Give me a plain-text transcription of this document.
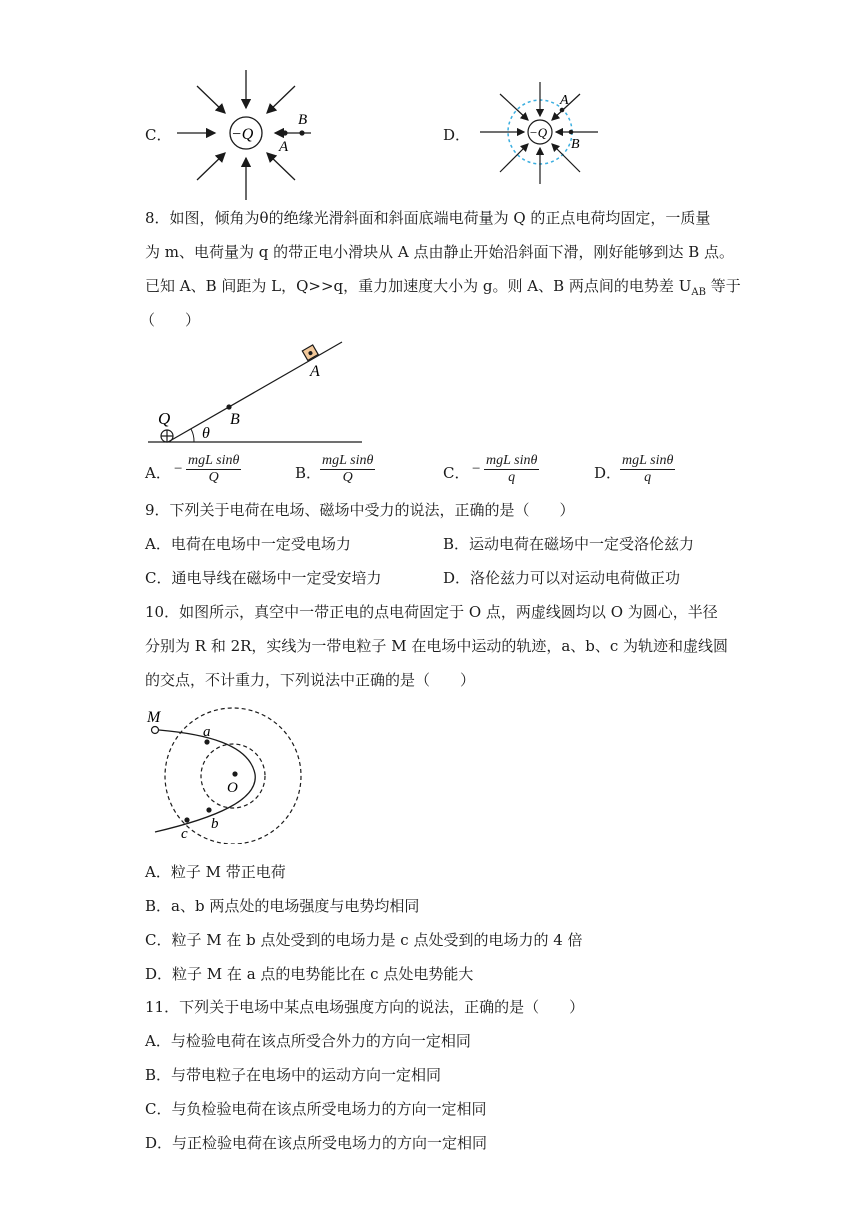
C．	−Q
A
B
D．	−Q
A
B
8．如图，倾角为θ的绝缘光滑斜面和斜面底端电荷量为 Q 的正点电荷均固定，一质量
为 m、电荷量为 q 的带正电小滑块从 A 点由静止开始沿斜面下滑，刚好能够到达 B 点。
已知 A、B 间距为 L，Q>>q，重力加速度大小为 g。则 A、B 两点间的电势差 $U_{AB}$ 等于
（　　）
Q
A
B
θ
A． −
mgL sinθ
Q	B．
mgL sinθ
Q	C． −
mgL sinθ
q	D．
mgL sinθ
q
9．下列关于电荷在电场、磁场中受力的说法，正确的是（　　）
A．电荷在电场中一定受电场力	B．运动电荷在磁场中一定受洛伦兹力
C．通电导线在磁场中一定受安培力	D．洛伦兹力可以对运动电荷做正功
10．如图所示，真空中一带正电的点电荷固定于 O 点，两虚线圆均以 O 为圆心，半径
分别为 R 和 2R，实线为一带电粒子 M 在电场中运动的轨迹，a、b、c 为轨迹和虚线圆
的交点，不计重力，下列说法中正确的是（　　）
M
a
b
c
O
A．粒子 M 带正电荷
B．a、b 两点处的电场强度与电势均相同
C．粒子 M 在 b 点处受到的电场力是 c 点处受到的电场力的 4 倍
D．粒子 M 在 a 点的电势能比在 c 点处电势能大
11．下列关于电场中某点电场强度方向的说法，正确的是（　　）
A．与检验电荷在该点所受合外力的方向一定相同
B．与带电粒子在电场中的运动方向一定相同
C．与负检验电荷在该点所受电场力的方向一定相同
D．与正检验电荷在该点所受电场力的方向一定相同
